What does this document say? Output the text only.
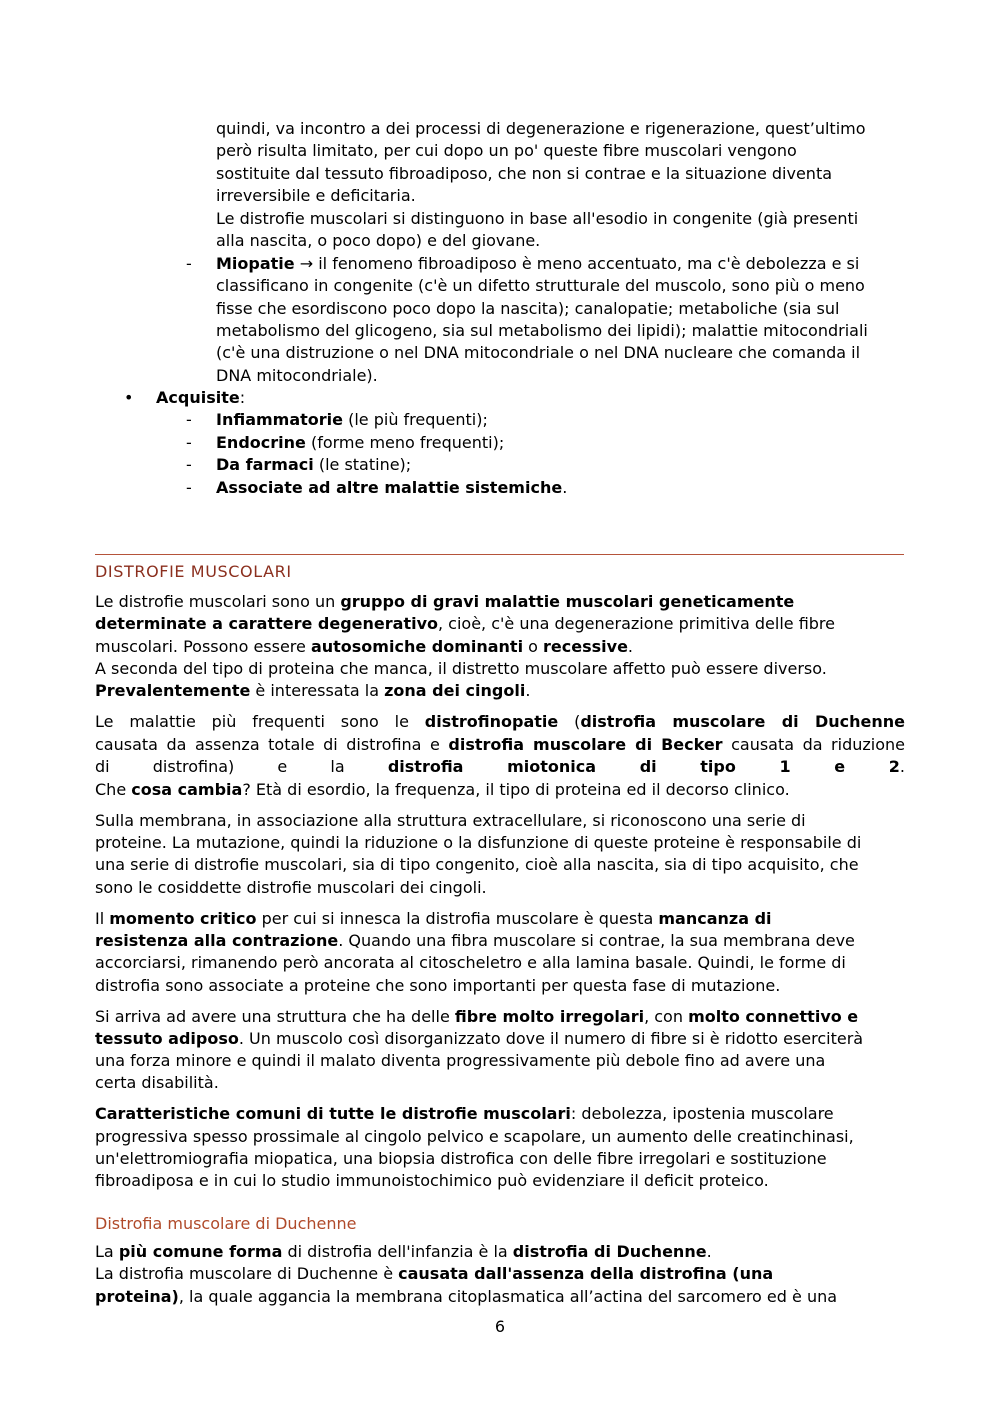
quindi, va incontro a dei processi di degenerazione e rigenerazione, quest’ultimo
però risulta limitato, per cui dopo un po' queste fibre muscolari vengono
sostituite dal tessuto fibroadiposo, che non si contrae e la situazione diventa
irreversibile e deficitaria.
Le distrofie muscolari si distinguono in base all'esodio in congenite (già presenti
alla nascita, o poco dopo) e del giovane.
- Miopatie → il fenomeno fibroadiposo è meno accentuato, ma c'è debolezza e si
classificano in congenite (c'è un difetto strutturale del muscolo, sono più o meno
fisse che esordiscono poco dopo la nascita); canalopatie; metaboliche (sia sul
metabolismo del glicogeno, sia sul metabolismo dei lipidi); malattie mitocondriali
(c'è una distruzione o nel DNA mitocondriale o nel DNA nucleare che comanda il
DNA mitocondriale).
• Acquisite:
- Infiammatorie (le più frequenti);
- Endocrine (forme meno frequenti);
- Da farmaci (le statine);
- Associate ad altre malattie sistemiche.
DISTROFIE MUSCOLARI
Le distrofie muscolari sono un gruppo di gravi malattie muscolari geneticamente
determinate a carattere degenerativo, cioè, c'è una degenerazione primitiva delle fibre
muscolari. Possono essere autosomiche dominanti o recessive.
A seconda del tipo di proteina che manca, il distretto muscolare affetto può essere diverso.
Prevalentemente è interessata la zona dei cingoli.
Le malattie più frequenti sono le distrofinopatie (distrofia muscolare di Duchenne
causata da assenza totale di distrofina e distrofia muscolare di Becker causata da riduzione
di distrofina) e la distrofia miotonica di tipo 1 e 2.
Che cosa cambia? Età di esordio, la frequenza, il tipo di proteina ed il decorso clinico.
Sulla membrana, in associazione alla struttura extracellulare, si riconoscono una serie di
proteine. La mutazione, quindi la riduzione o la disfunzione di queste proteine è responsabile di
una serie di distrofie muscolari, sia di tipo congenito, cioè alla nascita, sia di tipo acquisito, che
sono le cosiddette distrofie muscolari dei cingoli.
Il momento critico per cui si innesca la distrofia muscolare è questa mancanza di
resistenza alla contrazione. Quando una fibra muscolare si contrae, la sua membrana deve
accorciarsi, rimanendo però ancorata al citoscheletro e alla lamina basale. Quindi, le forme di
distrofia sono associate a proteine che sono importanti per questa fase di mutazione.
Si arriva ad avere una struttura che ha delle fibre molto irregolari, con molto connettivo e
tessuto adiposo. Un muscolo così disorganizzato dove il numero di fibre si è ridotto eserciterà
una forza minore e quindi il malato diventa progressivamente più debole fino ad avere una
certa disabilità.
Caratteristiche comuni di tutte le distrofie muscolari: debolezza, ipostenia muscolare
progressiva spesso prossimale al cingolo pelvico e scapolare, un aumento delle creatinchinasi,
un'elettromiografia miopatica, una biopsia distrofica con delle fibre irregolari e sostituzione
fibroadiposa e in cui lo studio immunoistochimico può evidenziare il deficit proteico.
Distrofia muscolare di Duchenne
La più comune forma di distrofia dell'infanzia è la distrofia di Duchenne.
La distrofia muscolare di Duchenne è causata dall'assenza della distrofina (una
proteina), la quale aggancia la membrana citoplasmatica all’actina del sarcomero ed è una
6
